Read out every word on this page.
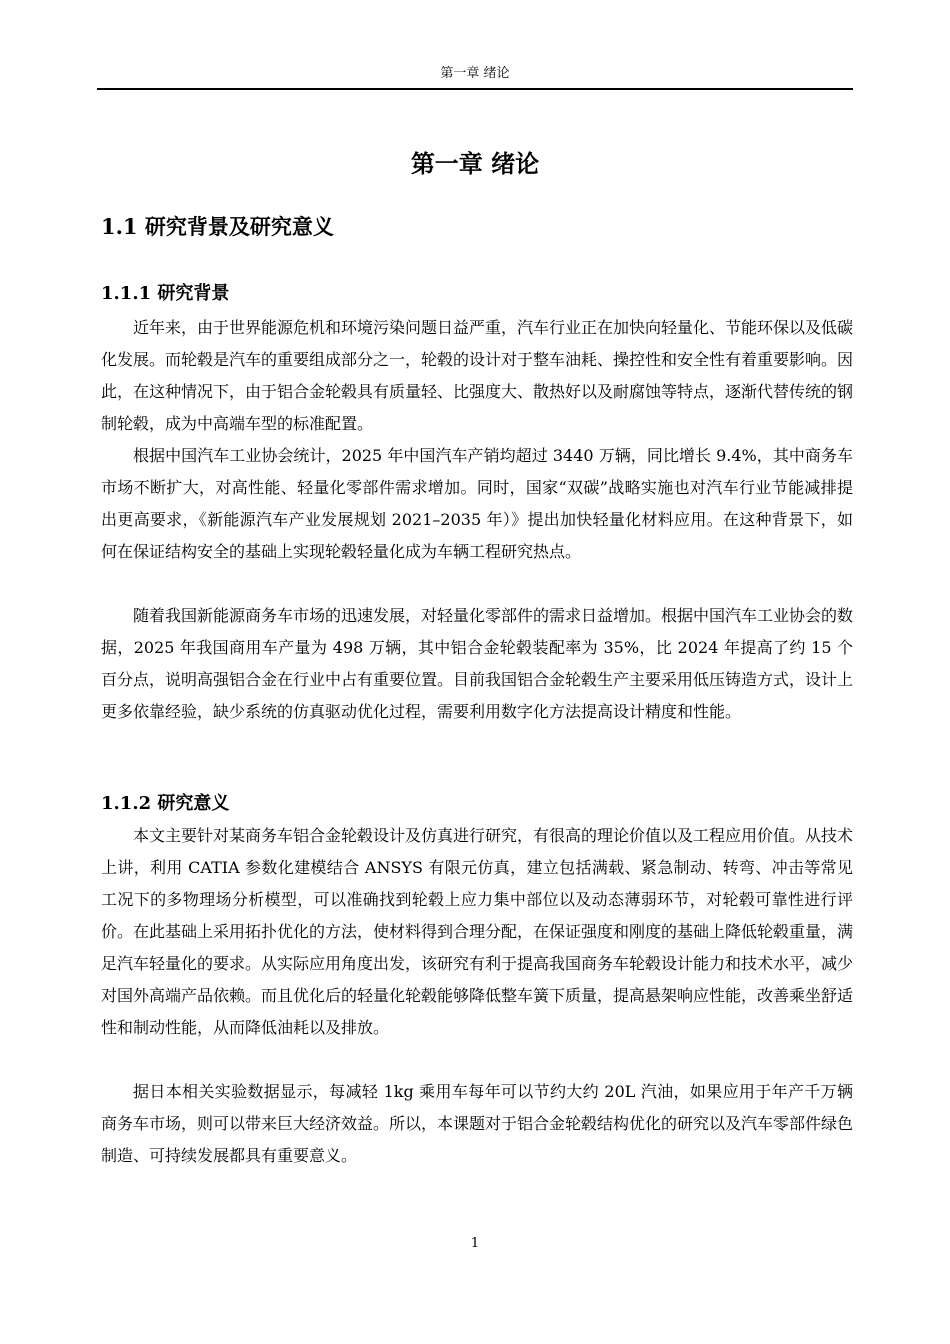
第一章 绪论
第一章 绪论
1.1 研究背景及研究意义
1.1.1 研究背景

近年来，由于世界能源危机和环境污染问题日益严重，汽车行业正在加快向轻量化、节能环保以及低碳化发展。而轮毂是汽车的重要组成部分之一，轮毂的设计对于整车油耗、操控性和安全性有着重要影响。因此，在这种情况下，由于铝合金轮毂具有质量轻、比强度大、散热好以及耐腐蚀等特点，逐渐代替传统的钢制轮毂，成为中高端车型的标准配置。

根据中国汽车工业协会统计，2025 年中国汽车产销均超过 3440 万辆，同比增长 9.4%，其中商务车市场不断扩大，对高性能、轻量化零部件需求增加。同时，国家“双碳”战略实施也对汽车行业节能减排提出更高要求，《新能源汽车产业发展规划 2021–2035 年）》提出加快轻量化材料应用。在这种背景下，如何在保证结构安全的基础上实现轮毂轻量化成为车辆工程研究热点。

随着我国新能源商务车市场的迅速发展，对轻量化零部件的需求日益增加。根据中国汽车工业协会的数据，2025 年我国商用车产量为 498 万辆，其中铝合金轮毂装配率为 35%，比 2024 年提高了约 15 个百分点，说明高强铝合金在行业中占有重要位置。目前我国铝合金轮毂生产主要采用低压铸造方式，设计上更多依靠经验，缺少系统的仿真驱动优化过程，需要利用数字化方法提高设计精度和性能。

1.1.2 研究意义

本文主要针对某商务车铝合金轮毂设计及仿真进行研究，有很高的理论价值以及工程应用价值。从技术上讲，利用 CATIA 参数化建模结合 ANSYS 有限元仿真，建立包括满载、紧急制动、转弯、冲击等常见工况下的多物理场分析模型，可以准确找到轮毂上应力集中部位以及动态薄弱环节，对轮毂可靠性进行评价。在此基础上采用拓扑优化的方法，使材料得到合理分配，在保证强度和刚度的基础上降低轮毂重量，满足汽车轻量化的要求。从实际应用角度出发，该研究有利于提高我国商务车轮毂设计能力和技术水平，减少对国外高端产品依赖。而且优化后的轻量化轮毂能够降低整车簧下质量，提高悬架响应性能，改善乘坐舒适性和制动性能，从而降低油耗以及排放。

据日本相关实验数据显示，每减轻 1kg 乘用车每年可以节约大约 20L 汽油，如果应用于年产千万辆商务车市场，则可以带来巨大经济效益。所以，本课题对于铝合金轮毂结构优化的研究以及汽车零部件绿色制造、可持续发展都具有重要意义。

1
